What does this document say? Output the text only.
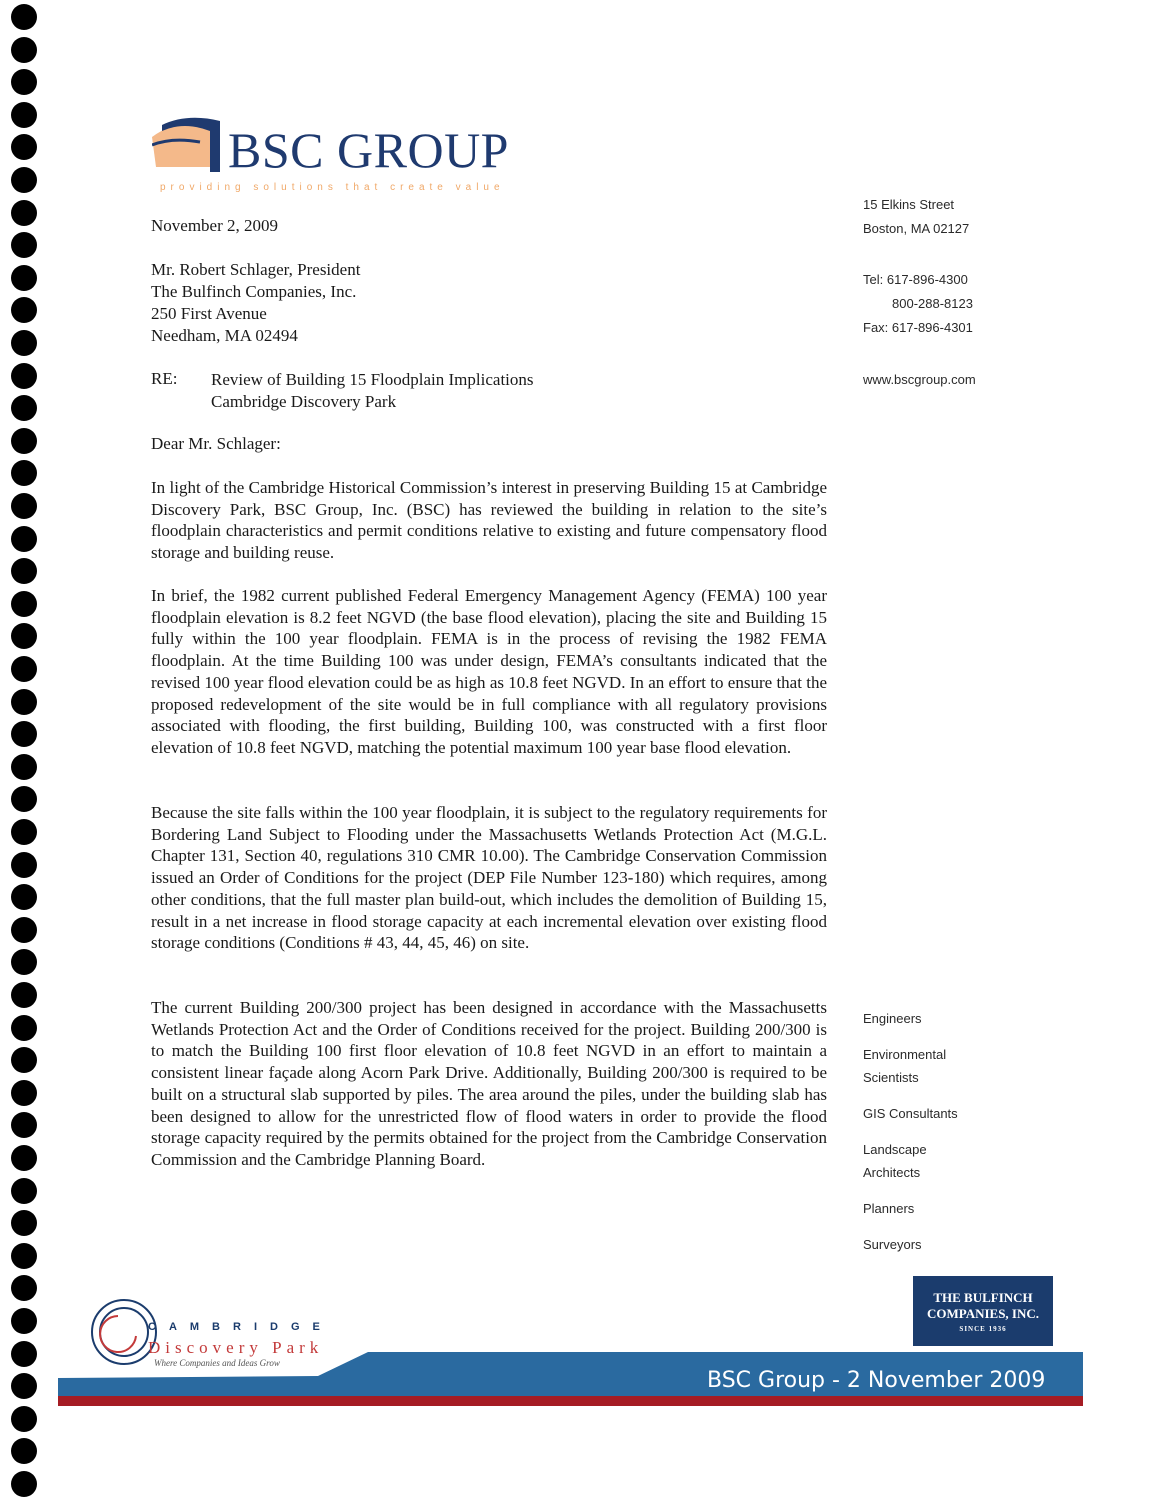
BSC GROUP
providing solutions that create value
November 2, 2009
Mr. Robert Schlager, President
The Bulfinch Companies, Inc.
250 First Avenue
Needham, MA 02494
RE: Review of Building 15 Floodplain Implications
Cambridge Discovery Park
Dear Mr. Schlager:
In light of the Cambridge Historical Commission’s interest in preserving Building 15 at Cambridge Discovery Park, BSC Group, Inc. (BSC) has reviewed the building in relation to the site’s floodplain characteristics and permit conditions relative to existing and future compensatory flood storage and building reuse.
In brief, the 1982 current published Federal Emergency Management Agency (FEMA) 100 year floodplain elevation is 8.2 feet NGVD (the base flood elevation), placing the site and Building 15 fully within the 100 year floodplain. FEMA is in the process of revising the 1982 FEMA floodplain. At the time Building 100 was under design, FEMA’s consultants indicated that the revised 100 year flood elevation could be as high as 10.8 feet NGVD. In an effort to ensure that the proposed redevelopment of the site would be in full compliance with all regulatory provisions associated with flooding, the first building, Building 100, was constructed with a first floor elevation of 10.8 feet NGVD, matching the potential maximum 100 year base flood elevation.
Because the site falls within the 100 year floodplain, it is subject to the regulatory requirements for Bordering Land Subject to Flooding under the Massachusetts Wetlands Protection Act (M.G.L. Chapter 131, Section 40, regulations 310 CMR 10.00). The Cambridge Conservation Commission issued an Order of Conditions for the project (DEP File Number 123-180) which requires, among other conditions, that the full master plan build-out, which includes the demolition of Building 15, result in a net increase in flood storage capacity at each incremental elevation over existing flood storage conditions (Conditions # 43, 44, 45, 46) on site.
The current Building 200/300 project has been designed in accordance with the Massachusetts Wetlands Protection Act and the Order of Conditions received for the project. Building 200/300 is to match the Building 100 first floor elevation of 10.8 feet NGVD in an effort to maintain a consistent linear façade along Acorn Park Drive. Additionally, Building 200/300 is required to be built on a structural slab supported by piles. The area around the piles, under the building slab has been designed to allow for the unrestricted flow of flood waters in order to provide the flood storage capacity required by the permits obtained for the project from the Cambridge Conservation Commission and the Cambridge Planning Board.
15 Elkins Street
Boston, MA 02127
Tel: 617-896-4300
800-288-8123
Fax: 617-896-4301
www.bscgroup.com
Engineers
Environmental
Scientists
GIS Consultants
Landscape
Architects
Planners
Surveyors
BSC Group - 2 November 2009
CAMBRIDGE
Discovery Park
Where Companies and Ideas Grow
THE BULFINCH
COMPANIES, INC.
SINCE 1936
